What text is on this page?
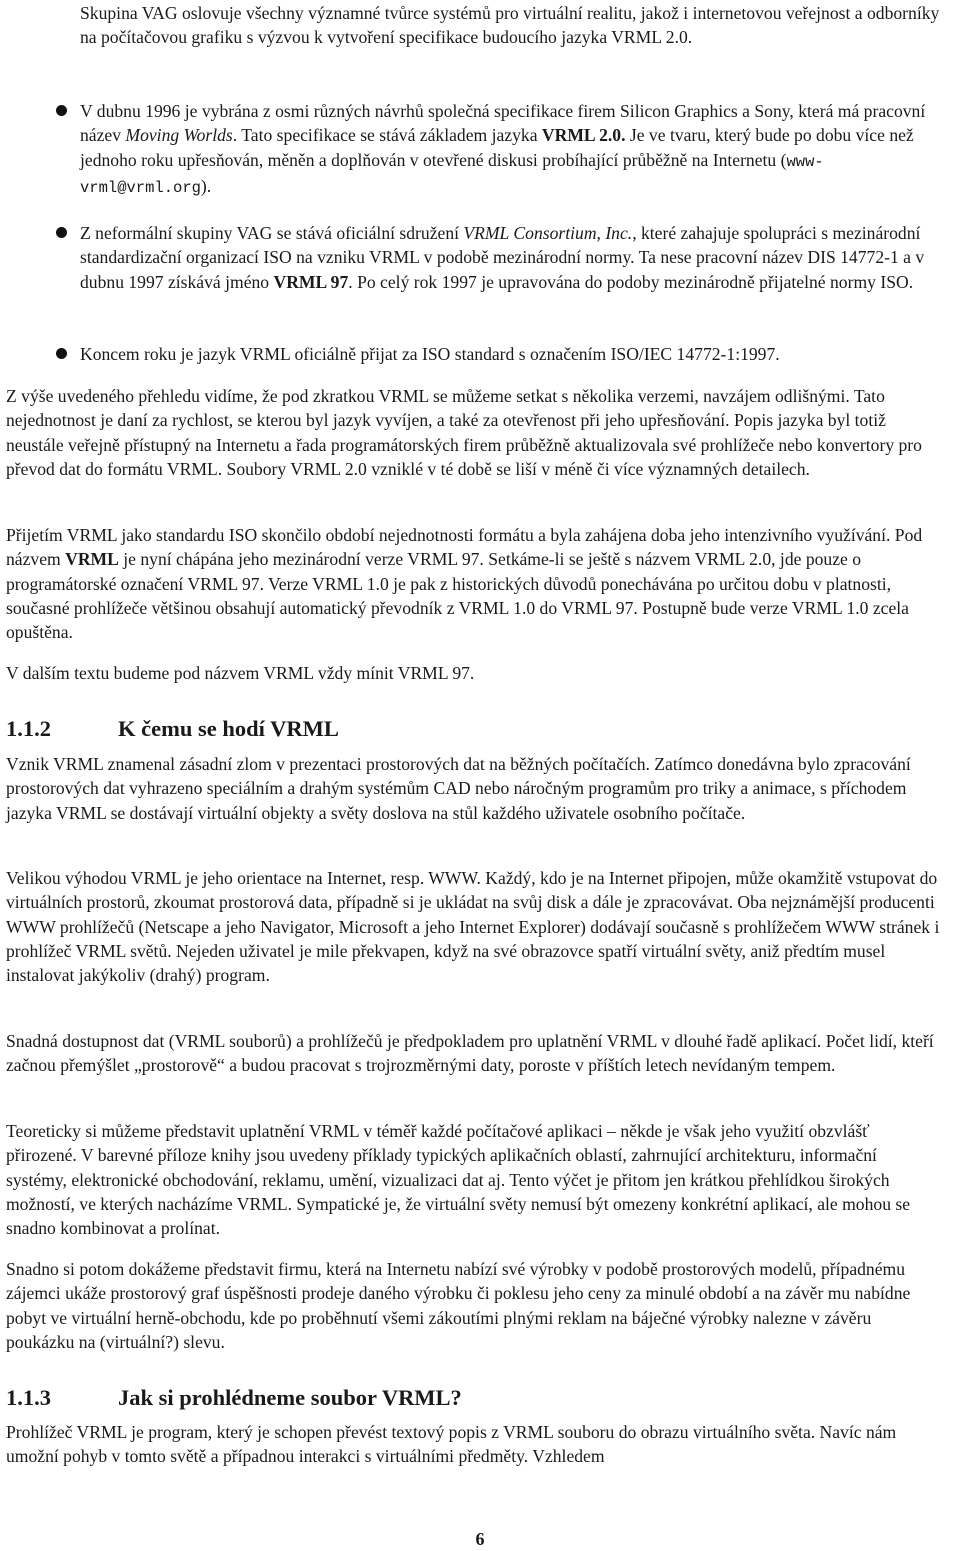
Skupina VAG oslovuje všechny významné tvůrce systémů pro virtuální realitu, jakož i internetovou veřejnost a odborníky na počítačovou grafiku s výzvou k vytvoření specifikace budoucího jazyka VRML 2.0.

V dubnu 1996 je vybrána z osmi různých návrhů společná specifikace firem Silicon Graphics a Sony, která má pracovní název Moving Worlds. Tato specifikace se stává základem jazyka VRML 2.0. Je ve tvaru, který bude po dobu více než jednoho roku upřesňován, měněn a doplňován v otevřené diskusi probíhající průběžně na Internetu (www-vrml@vrml.org).
Z neformální skupiny VAG se stává oficiální sdružení VRML Consortium, Inc., které zahajuje spolupráci s mezinárodní standardizační organizací ISO na vzniku VRML v podobě mezinárodní normy. Ta nese pracovní název DIS 14772-1 a v dubnu 1997 získává jméno VRML 97. Po celý rok 1997 je upravována do podoby mezinárodně přijatelné normy ISO.
Koncem roku je jazyk VRML oficiálně přijat za ISO standard s označením ISO/IEC 14772-1:1997.

Z výše uvedeného přehledu vidíme, že pod zkratkou VRML se můžeme setkat s několika verzemi, navzájem odlišnými. Tato nejednotnost je daní za rychlost, se kterou byl jazyk vyvíjen, a také za otevřenost při jeho upřesňování. Popis jazyka byl totiž neustále veřejně přístupný na Internetu a řada programátorských firem průběžně aktualizovala své prohlížeče nebo konvertory pro převod dat do formátu VRML. Soubory VRML 2.0 vzniklé v té době se liší v méně či více významných detailech.

Přijetím VRML jako standardu ISO skončilo období nejednotnosti formátu a byla zahájena doba jeho intenzivního využívání. Pod názvem VRML je nyní chápána jeho mezinárodní verze VRML 97. Setkáme-li se ještě s názvem VRML 2.0, jde pouze o programátorské označení VRML 97. Verze VRML 1.0 je pak z historických důvodů ponechávána po určitou dobu v platnosti, současné prohlížeče většinou obsahují automatický převodník z VRML 1.0 do VRML 97. Postupně bude verze VRML 1.0 zcela opuštěna.

V dalším textu budeme pod názvem VRML vždy mínit VRML 97.

1.1.2	K čemu se hodí VRML

Vznik VRML znamenal zásadní zlom v prezentaci prostorových dat na běžných počítačích. Zatímco donedávna bylo zpracování prostorových dat vyhrazeno speciálním a drahým systémům CAD nebo náročným programům pro triky a animace, s příchodem jazyka VRML se dostávají virtuální objekty a světy doslova na stůl každého uživatele osobního počítače.

Velikou výhodou VRML je jeho orientace na Internet, resp. WWW. Každý, kdo je na Internet připojen, může okamžitě vstupovat do virtuálních prostorů, zkoumat prostorová data, případně si je ukládat na svůj disk a dále je zpracovávat. Oba nejznámější producenti WWW prohlížečů (Netscape a jeho Navigator, Microsoft a jeho Internet Explorer) dodávají současně s prohlížečem WWW stránek i prohlížeč VRML světů. Nejeden uživatel je mile překvapen, když na své obrazovce spatří virtuální světy, aniž předtím musel instalovat jakýkoliv (drahý) program.

Snadná dostupnost dat (VRML souborů) a prohlížečů je předpokladem pro uplatnění VRML v dlouhé řadě aplikací. Počet lidí, kteří začnou přemýšlet „prostorově“ a budou pracovat s trojrozměrnými daty, poroste v příštích letech nevídaným tempem.

Teoreticky si můžeme představit uplatnění VRML v téměř každé počítačové aplikaci – někde je však jeho využití obzvlášť přirozené. V barevné příloze knihy jsou uvedeny příklady typických aplikačních oblastí, zahrnující architekturu, informační systémy, elektronické obchodování, reklamu, umění, vizualizaci dat aj. Tento výčet je přitom jen krátkou přehlídkou širokých možností, ve kterých nacházíme VRML. Sympatické je, že virtuální světy nemusí být omezeny konkrétní aplikací, ale mohou se snadno kombinovat a prolínat.

Snadno si potom dokážeme představit firmu, která na Internetu nabízí své výrobky v podobě prostorových modelů, případnému zájemci ukáže prostorový graf úspěšnosti prodeje daného výrobku či poklesu jeho ceny za minulé období a na závěr mu nabídne pobyt ve virtuální herně-obchodu, kde po proběhnutí všemi zákoutími plnými reklam na báječné výrobky nalezne v závěru poukázku na (virtuální?) slevu.

1.1.3	Jak si prohlédneme soubor VRML?

Prohlížeč VRML je program, který je schopen převést textový popis z VRML souboru do obrazu virtuálního světa. Navíc nám umožní pohyb v tomto světě a případnou interakci s virtuálními předměty. Vzhledem

6
